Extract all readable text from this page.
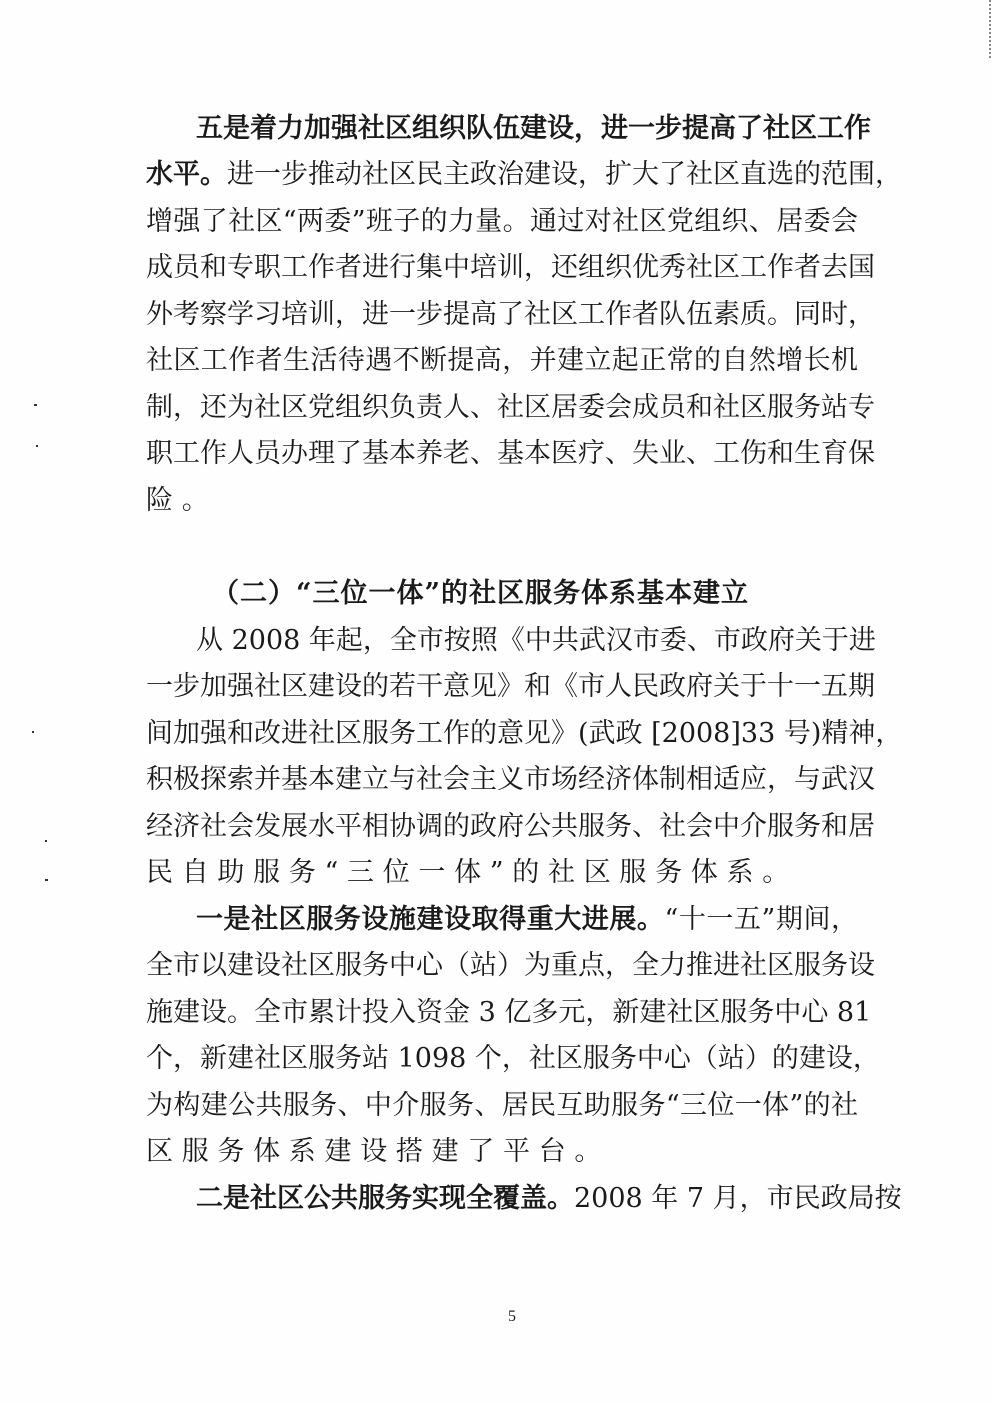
五是着力加强社区组织队伍建设，进一步提高了社区工作
水平。进一步推动社区民主政治建设，扩大了社区直选的范围，
增强了社区“两委”班子的力量。通过对社区党组织、居委会
成员和专职工作者进行集中培训，还组织优秀社区工作者去国
外考察学习培训，进一步提高了社区工作者队伍素质。同时，
社区工作者生活待遇不断提高，并建立起正常的自然增长机
制，还为社区党组织负责人、社区居委会成员和社区服务站专
职工作人员办理了基本养老、基本医疗、失业、工伤和生育保
险。
（二）“三位一体”的社区服务体系基本建立
从 2008 年起，全市按照《中共武汉市委、市政府关于进
一步加强社区建设的若干意见》和《市人民政府关于十一五期
间加强和改进社区服务工作的意见》(武政 [2008]33 号)精神，
积极探索并基本建立与社会主义市场经济体制相适应，与武汉
经济社会发展水平相协调的政府公共服务、社会中介服务和居
民自助服务“三位一体”的社区服务体系。
一是社区服务设施建设取得重大进展。“十一五”期间，
全市以建设社区服务中心（站）为重点，全力推进社区服务设
施建设。全市累计投入资金 3 亿多元，新建社区服务中心 81
个，新建社区服务站 1098 个，社区服务中心（站）的建设，
为构建公共服务、中介服务、居民互助服务“三位一体”的社
区服务体系建设搭建了平台。
二是社区公共服务实现全覆盖。2008 年 7 月，市民政局按
5
